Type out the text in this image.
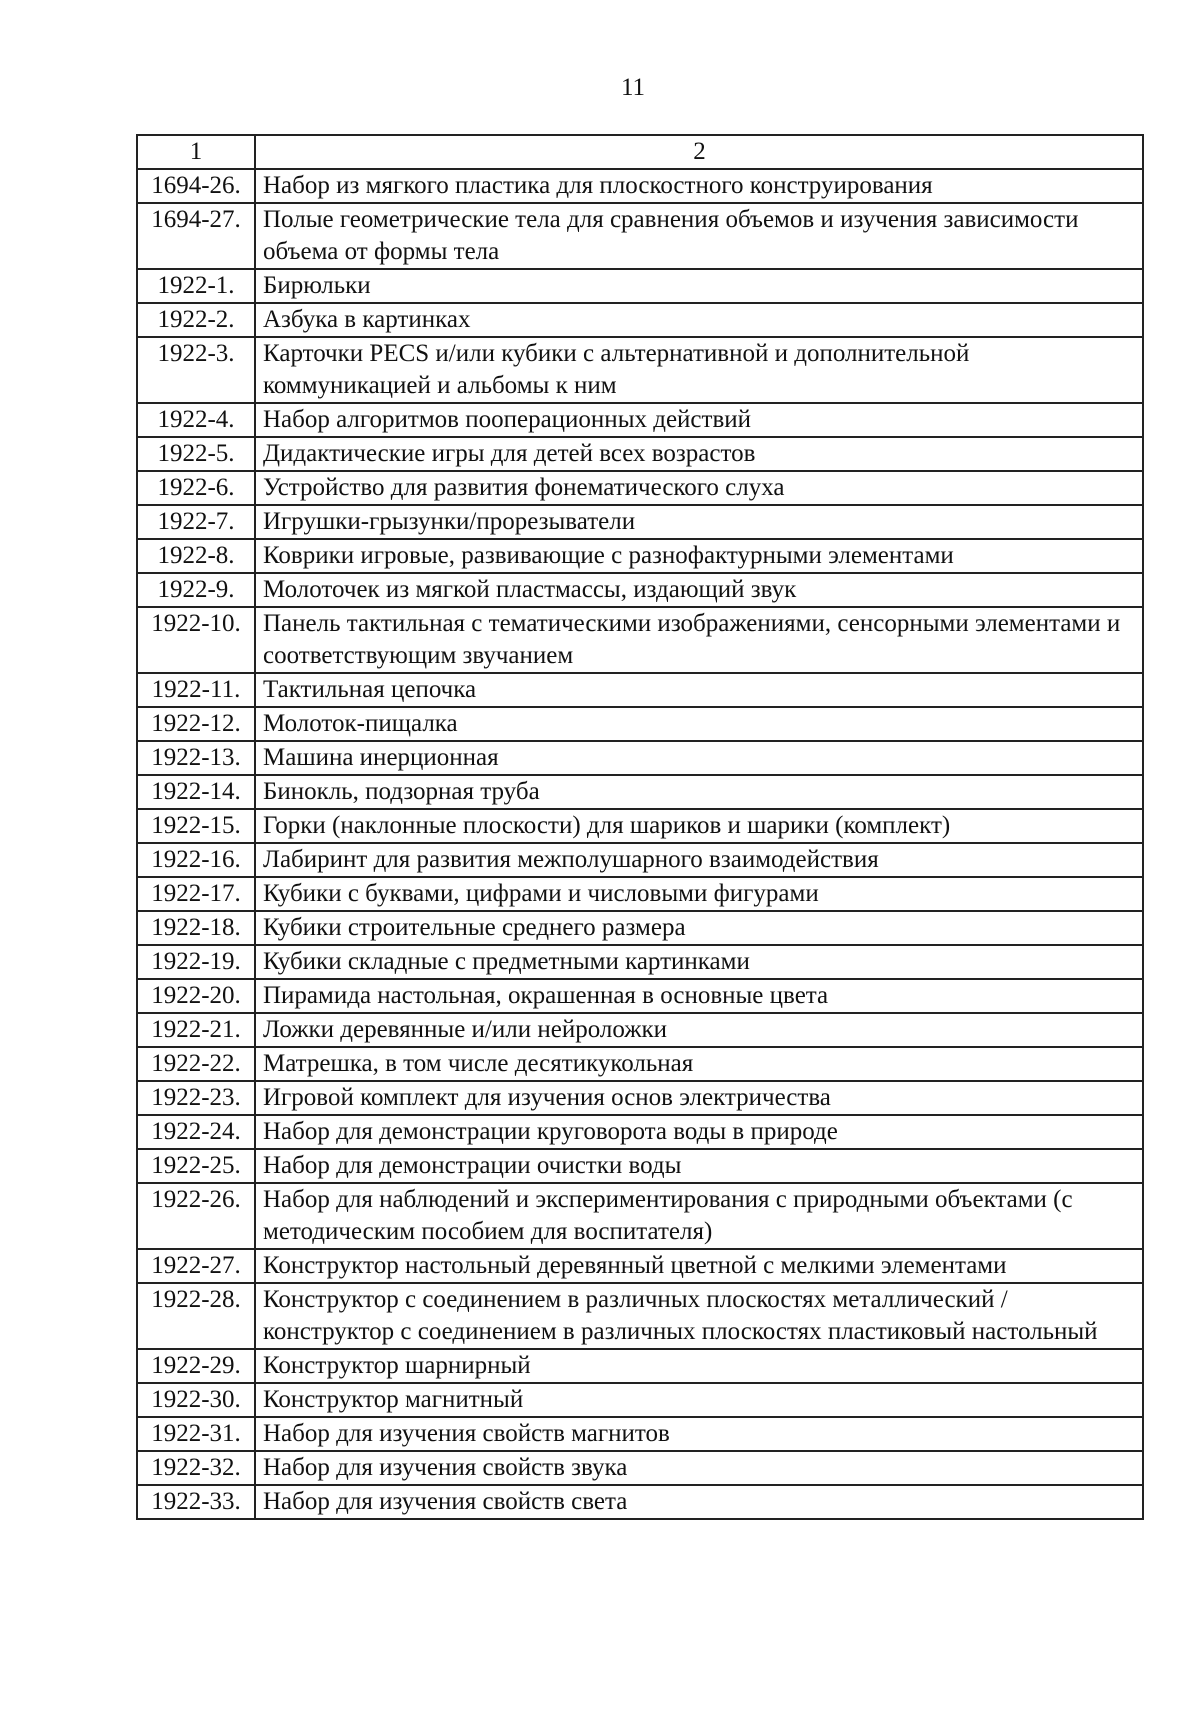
11
1	2
1694-26.	Набор из мягкого пластика для плоскостного конструирования
1694-27.	Полые геометрические тела для сравнения объемов и изучения зависимости объема от формы тела
1922-1.	Бирюльки
1922-2.	Азбука в картинках
1922-3.	Карточки PECS и/или кубики с альтернативной и дополнительной коммуникацией и альбомы к ним
1922-4.	Набор алгоритмов пооперационных действий
1922-5.	Дидактические игры для детей всех возрастов
1922-6.	Устройство для развития фонематического слуха
1922-7.	Игрушки-грызунки/прорезыватели
1922-8.	Коврики игровые, развивающие с разнофактурными элементами
1922-9.	Молоточек из мягкой пластмассы, издающий звук
1922-10.	Панель тактильная с тематическими изображениями, сенсорными элементами и соответствующим звучанием
1922-11.	Тактильная цепочка
1922-12.	Молоток-пищалка
1922-13.	Машина инерционная
1922-14.	Бинокль, подзорная труба
1922-15.	Горки (наклонные плоскости) для шариков и шарики (комплект)
1922-16.	Лабиринт для развития межполушарного взаимодействия
1922-17.	Кубики с буквами, цифрами и числовыми фигурами
1922-18.	Кубики строительные среднего размера
1922-19.	Кубики складные с предметными картинками
1922-20.	Пирамида настольная, окрашенная в основные цвета
1922-21.	Ложки деревянные и/или нейроложки
1922-22.	Матрешка, в том числе десятикукольная
1922-23.	Игровой комплект для изучения основ электричества
1922-24.	Набор для демонстрации круговорота воды в природе
1922-25.	Набор для демонстрации очистки воды
1922-26.	Набор для наблюдений и экспериментирования с природными объектами (с методическим пособием для воспитателя)
1922-27.	Конструктор настольный деревянный цветной с мелкими элементами
1922-28.	Конструктор с соединением в различных плоскостях металлический / конструктор с соединением в различных плоскостях пластиковый настольный
1922-29.	Конструктор шарнирный
1922-30.	Конструктор магнитный
1922-31.	Набор для изучения свойств магнитов
1922-32.	Набор для изучения свойств звука
1922-33.	Набор для изучения свойств света
